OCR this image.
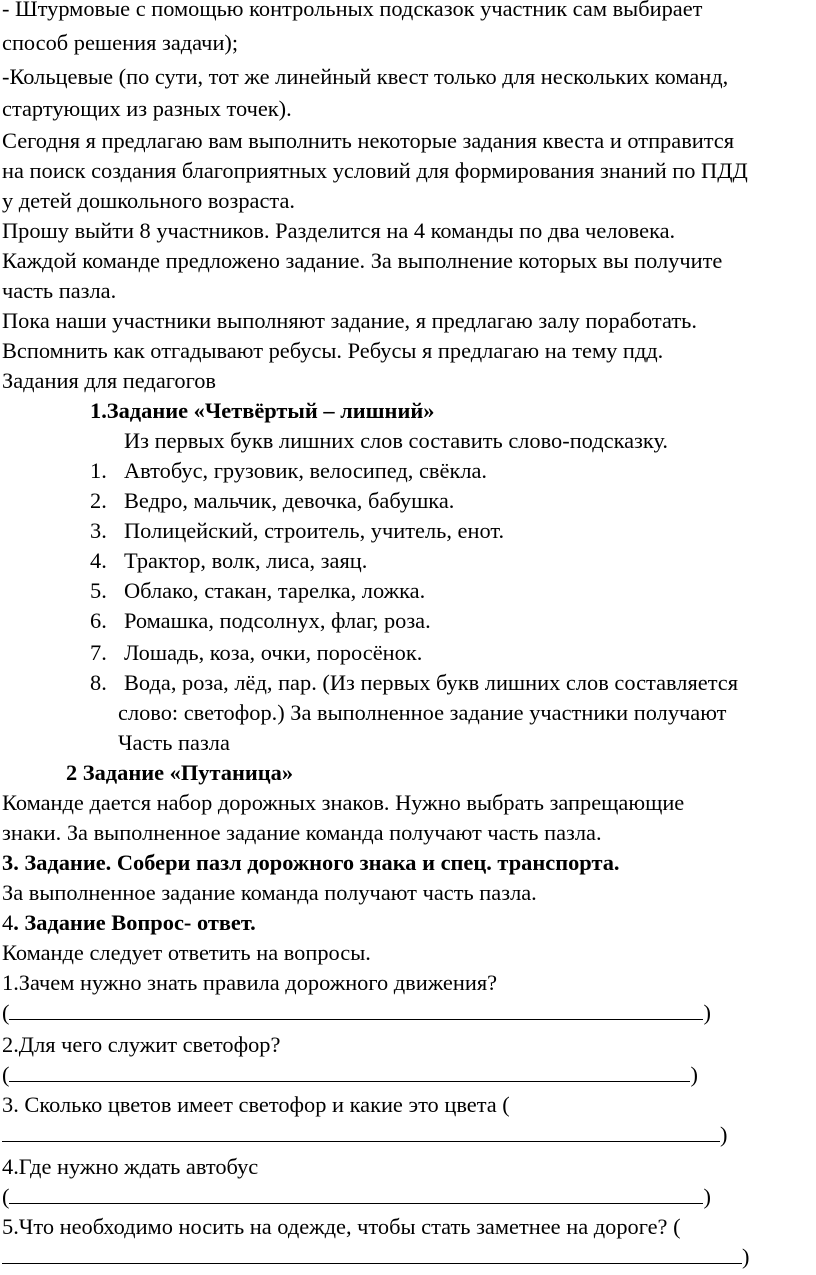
- Штурмовые с помощью контрольных подсказок участник сам выбирает
способ решения задачи);
-Кольцевые (по сути, тот же линейный квест только для нескольких команд,
стартующих из разных точек).
Сегодня я предлагаю вам выполнить некоторые задания квеста и отправится
на поиск создания благоприятных условий для формирования знаний по ПДД
у детей дошкольного возраста.
Прошу выйти 8 участников. Разделится на 4 команды по два человека.
Каждой команде предложено задание. За выполнение которых вы получите
часть пазла.
Пока наши участники выполняют задание, я предлагаю залу поработать.
Вспомнить как отгадывают ребусы. Ребусы я предлагаю на тему пдд.
Задания для педагогов
1.Задание «Четвёртый – лишний»
Из первых букв лишних слов составить слово-подсказку.
1. Автобус, грузовик, велосипед, свёкла.
2. Ведро, мальчик, девочка, бабушка.
3. Полицейский, строитель, учитель, енот.
4. Трактор, волк, лиса, заяц.
5. Облако, стакан, тарелка, ложка.
6. Ромашка, подсолнух, флаг, роза.
7. Лошадь, коза, очки, поросёнок.
8. Вода, роза, лёд, пар. (Из первых букв лишних слов составляется
слово: светофор.) За выполненное задание участники получают
Часть пазла
2 Задание «Путаница»
Команде дается набор дорожных знаков. Нужно выбрать запрещающие
знаки. За выполненное задание команда получают часть пазла.
3. Задание. Собери пазл дорожного знака и спец. транспорта.
За выполненное задание команда получают часть пазла.
4. Задание Вопрос- ответ.
Команде следует ответить на вопросы.
1.Зачем нужно знать правила дорожного движения?
(	)
2.Для чего служит светофор?
(	)
3. Сколько цветов имеет светофор и какие это цвета (
)
4.Где нужно ждать автобус
(	)
5.Что необходимо носить на одежде, чтобы стать заметнее на дороге? (
)
